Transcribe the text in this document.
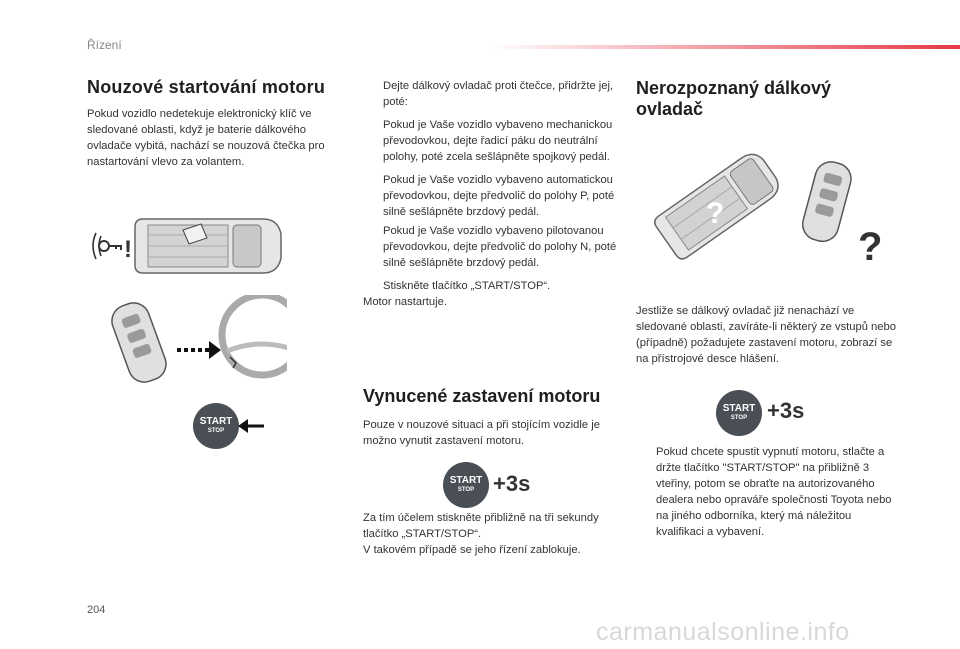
Řízení
Nouzové startování motoru
Pokud vozidlo nedetekuje elektronický klíč ve sledované oblasti, když je baterie dálkového ovladače vybitá, nachází se nouzová čtečka pro nastartování vlevo za volantem.
!
START
STOP
Dejte dálkový ovladač proti čtečce, přidržte jej, poté:
Pokud je Vaše vozidlo vybaveno mechanickou převodovkou, dejte řadicí páku do neutrální polohy, poté zcela sešlápněte spojkový pedál.
Pokud je Vaše vozidlo vybaveno automatickou převodovkou, dejte předvolič do polohy P, poté silně sešlápněte brzdový pedál.
Pokud je Vaše vozidlo vybaveno pilotovanou převodovkou, dejte předvolič do polohy N, poté silně sešlápněte brzdový pedál.
Stiskněte tlačítko „START/STOP“.
Motor nastartuje.
Vynucené zastavení motoru
Pouze v nouzové situaci a při stojícím vozidle je možno vynutit zastavení motoru.
START
STOP +3s
Za tím účelem stiskněte přibližně na tři sekundy tlačítko „START/STOP“.
V takovém případě se jeho řízení zablokuje.
Nerozpoznaný dálkový ovladač
?
?
Jestliže se dálkový ovladač již nenachází ve sledované oblasti, zavíráte-li některý ze vstupů nebo (případně) požadujete zastavení motoru, zobrazí se na přístrojové desce hlášení.
START
STOP +3s
Pokud chcete spustit vypnutí motoru, stlačte a držte tlačítko "START/STOP" na přibližně 3 vteřiny, potom se obraťte na autorizovaného dealera nebo opraváře společnosti Toyota nebo na jiného odborníka, který má náležitou kvalifikaci a vybavení.
204
carmanualsonline.info
